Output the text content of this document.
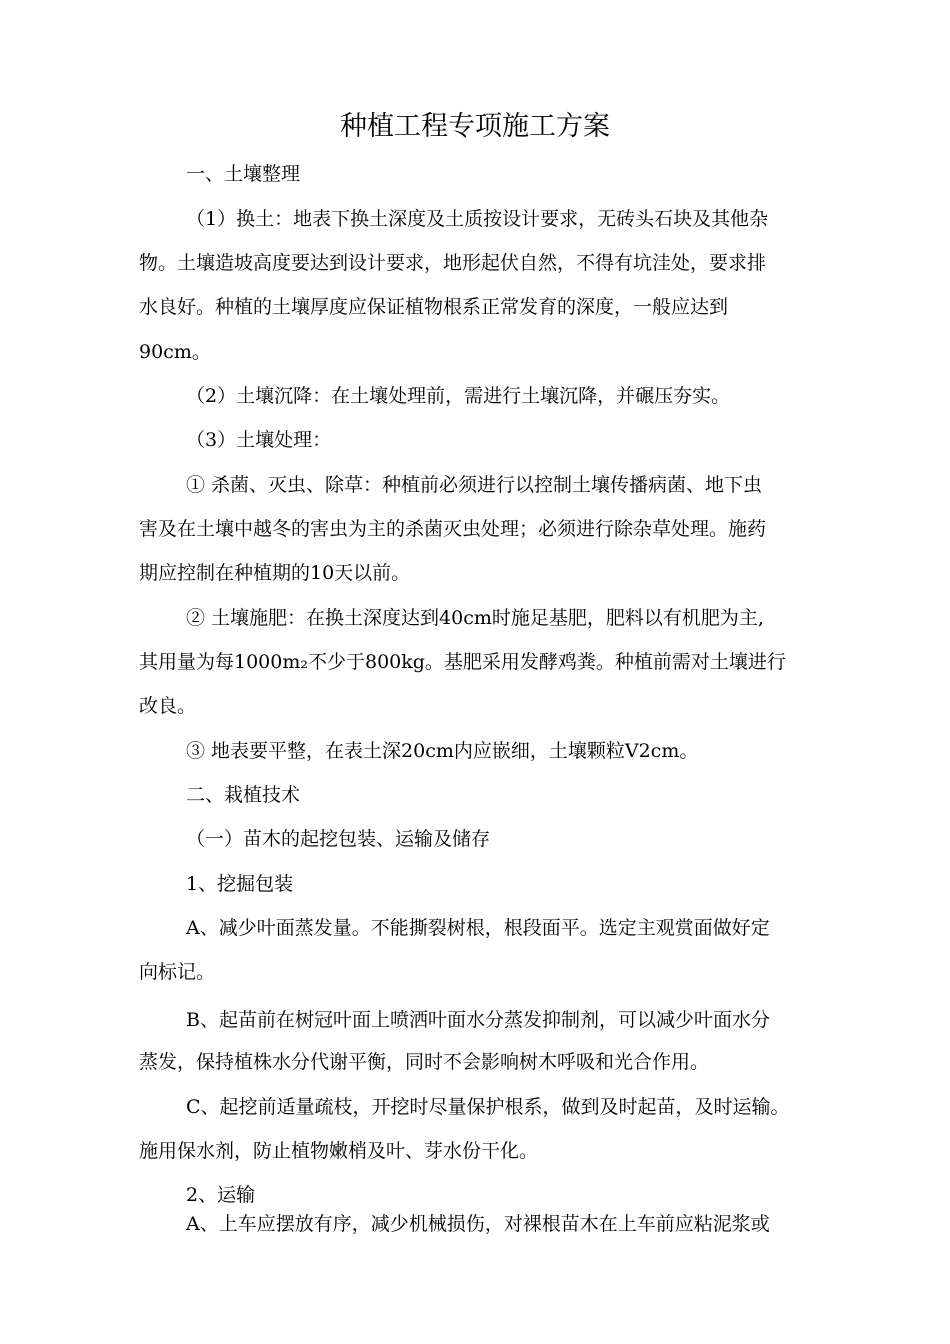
种植工程专项施工方案

一、土壤整理

（1）换土：地表下换土深度及土质按设计要求，无砖头石块及其他杂

物。土壤造坡高度要达到设计要求，地形起伏自然，不得有坑洼处，要求排

水良好。种植的土壤厚度应保证植物根系正常发育的深度，一般应达到

90cm。

（2）土壤沉降：在土壤处理前，需进行土壤沉降，并碾压夯实。

（3）土壤处理：

① 杀菌、灭虫、除草：种植前必须进行以控制土壤传播病菌、地下虫

害及在土壤中越冬的害虫为主的杀菌灭虫处理；必须进行除杂草处理。施药

期应控制在种植期的10天以前。

② 土壤施肥：在换土深度达到40cm时施足基肥，肥料以有机肥为主,

其用量为每1000m₂不少于800kg。基肥采用发酵鸡粪。种植前需对土壤进行

改良。

③ 地表要平整，在表土深20cm内应嵌细，土壤颗粒V2cm。

二、栽植技术

（一）苗木的起挖包装、运输及储存

1、挖掘包装

A、减少叶面蒸发量。不能撕裂树根，根段面平。选定主观赏面做好定

向标记。

B、起苗前在树冠叶面上喷洒叶面水分蒸发抑制剂，可以减少叶面水分

蒸发，保持植株水分代谢平衡，同时不会影响树木呼吸和光合作用。

C、起挖前适量疏枝，开挖时尽量保护根系，做到及时起苗，及时运输。

施用保水剂，防止植物嫩梢及叶、芽水份干化。

2、运输

A、上车应摆放有序，减少机械损伤，对裸根苗木在上车前应粘泥浆或
